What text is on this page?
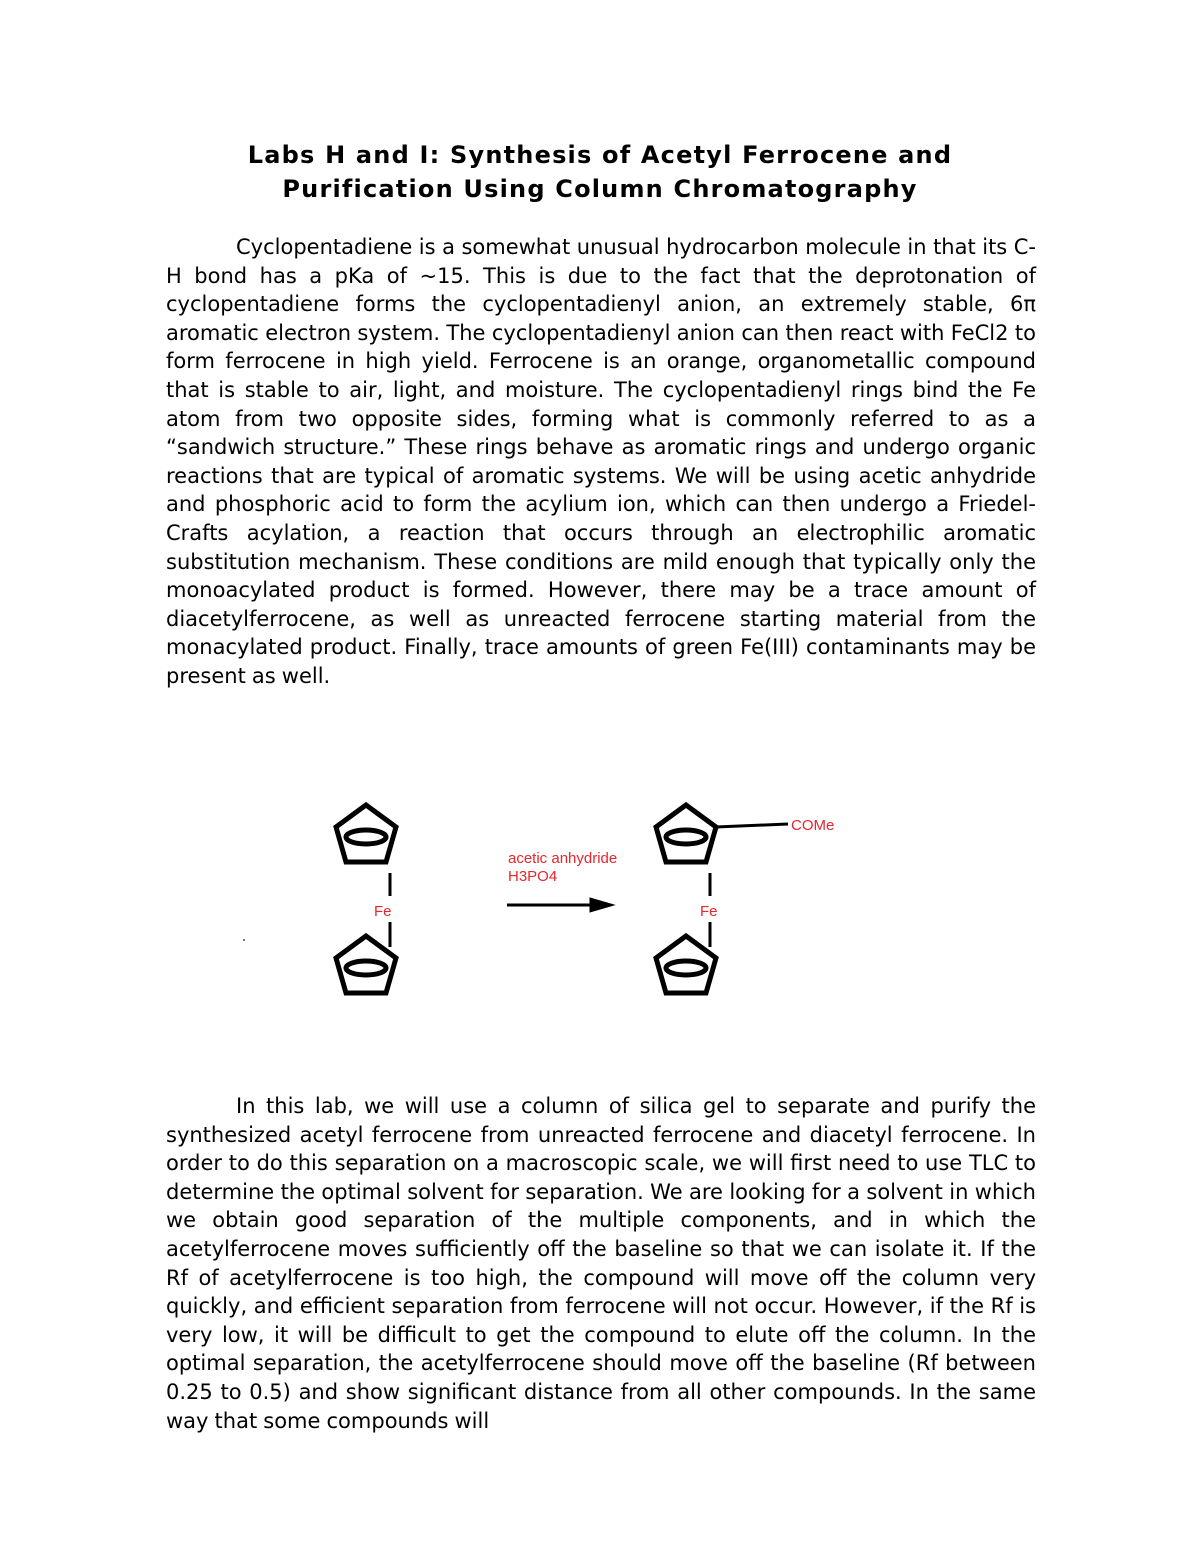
Labs H and I: Synthesis of Acetyl Ferrocene and
Purification Using Column Chromatography

Cyclopentadiene is a somewhat unusual hydrocarbon molecule in that its C-H bond has a pKa of ~15. This is due to the fact that the deprotonation of cyclopentadiene forms the cyclopentadienyl anion, an extremely stable, 6π aromatic electron system. The cyclopentadienyl anion can then react with FeCl2 to form ferrocene in high yield. Ferrocene is an orange, organometallic compound that is stable to air, light, and moisture. The cyclopentadienyl rings bind the Fe atom from two opposite sides, forming what is commonly referred to as a “sandwich structure.” These rings behave as aromatic rings and undergo organic reactions that are typical of aromatic systems. We will be using acetic anhydride and phosphoric acid to form the acylium ion, which can then undergo a Friedel-Crafts acylation, a reaction that occurs through an electrophilic aromatic substitution mechanism. These conditions are mild enough that typically only the monoacylated product is formed. However, there may be a trace amount of diacetylferrocene, as well as unreacted ferrocene starting material from the monacylated product. Finally, trace amounts of green Fe(III) contaminants may be present as well.

Fe	Fe
acetic anhydride
H3PO4
COMe

In this lab, we will use a column of silica gel to separate and purify the synthesized acetyl ferrocene from unreacted ferrocene and diacetyl ferrocene. In order to do this separation on a macroscopic scale, we will first need to use TLC to determine the optimal solvent for separation. We are looking for a solvent in which we obtain good separation of the multiple components, and in which the acetylferrocene moves sufficiently off the baseline so that we can isolate it. If the Rf of acetylferrocene is too high, the compound will move off the column very quickly, and efficient separation from ferrocene will not occur. However, if the Rf is very low, it will be difficult to get the compound to elute off the column. In the optimal separation, the acetylferrocene should move off the baseline (Rf between 0.25 to 0.5) and show significant distance from all other compounds. In the same way that some compounds will
